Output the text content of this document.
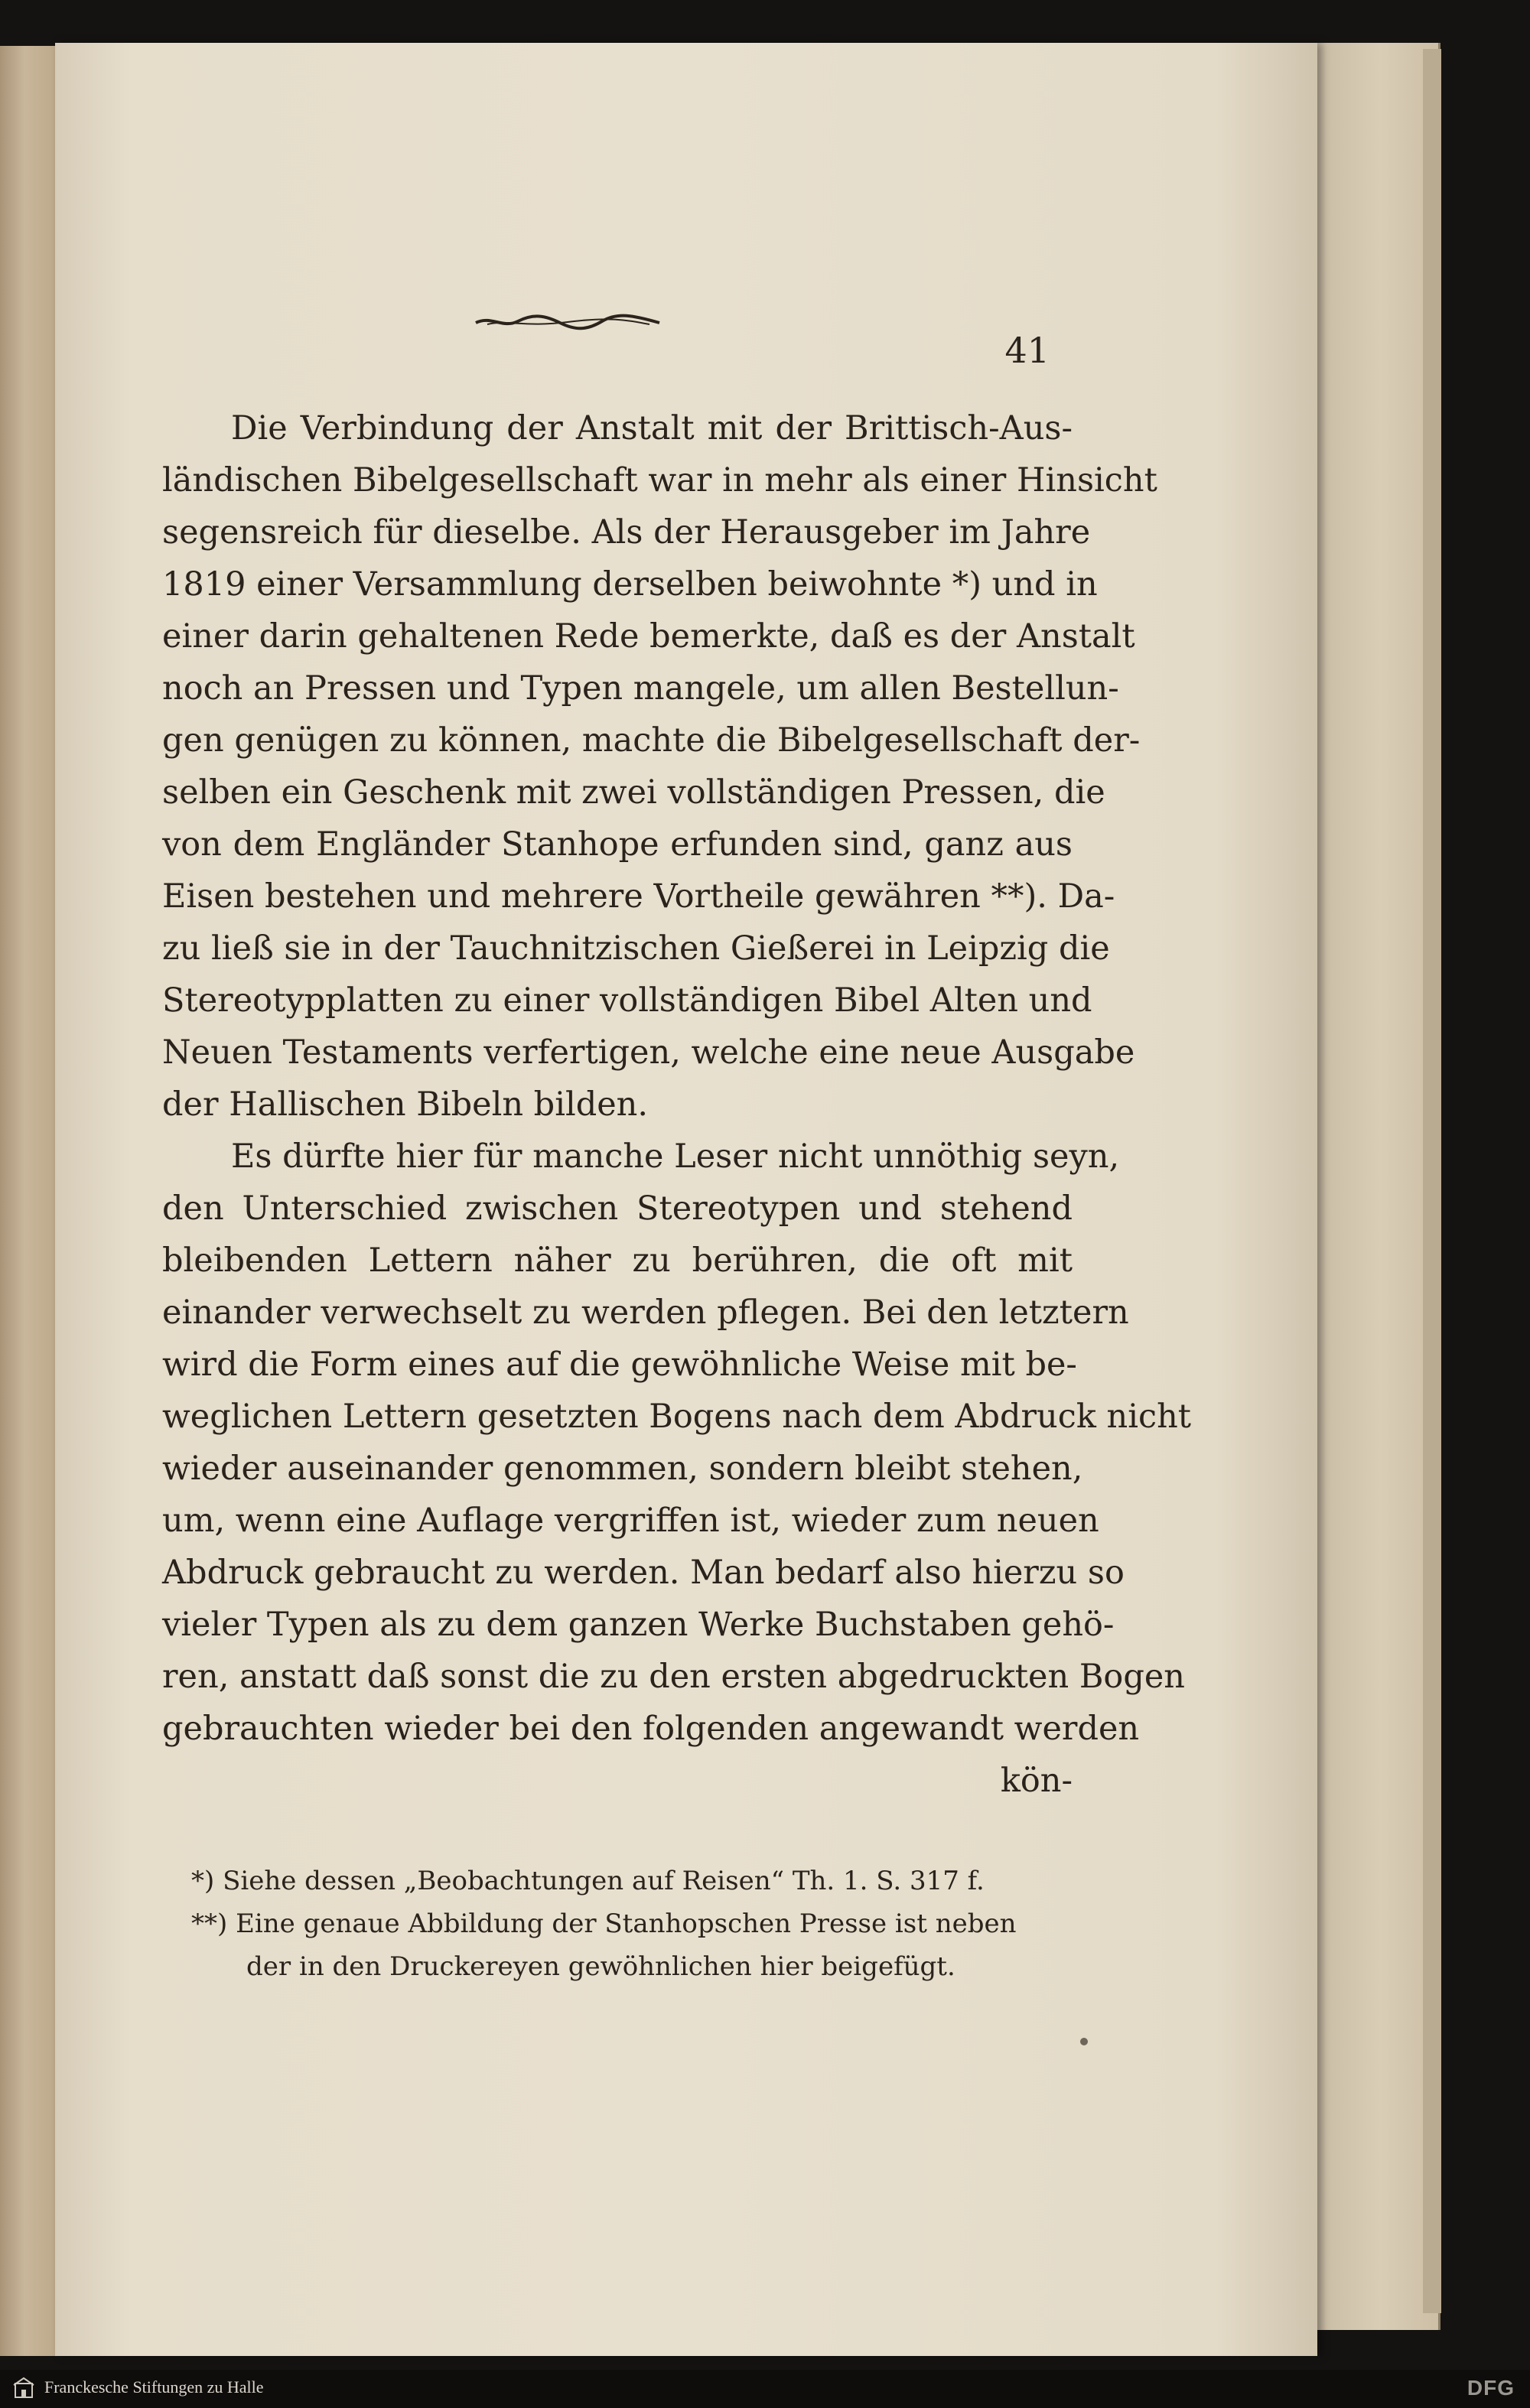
41
Die Verbindung der Anstalt mit der Brittisch-Aus-
ländischen Bibelgesellschaft war in mehr als einer Hinsicht
segensreich für dieselbe. Als der Herausgeber im Jahre
1819 einer Versammlung derselben beiwohnte *) und in
einer darin gehaltenen Rede bemerkte, daß es der Anstalt
noch an Pressen und Typen mangele, um allen Bestellun-
gen genügen zu können, machte die Bibelgesellschaft der-
selben ein Geschenk mit zwei vollständigen Pressen, die
von dem Engländer Stanhope erfunden sind, ganz aus
Eisen bestehen und mehrere Vortheile gewähren **). Da-
zu ließ sie in der Tauchnitzischen Gießerei in Leipzig die
Stereotypplatten zu einer vollständigen Bibel Alten und
Neuen Testaments verfertigen, welche eine neue Ausgabe
der Hallischen Bibeln bilden.
Es dürfte hier für manche Leser nicht unnöthig seyn,
den Unterschied zwischen Stereotypen und stehend
bleibenden Lettern näher zu berühren, die oft mit
einander verwechselt zu werden pflegen. Bei den letztern
wird die Form eines auf die gewöhnliche Weise mit be-
weglichen Lettern gesetzten Bogens nach dem Abdruck nicht
wieder auseinander genommen, sondern bleibt stehen,
um, wenn eine Auflage vergriffen ist, wieder zum neuen
Abdruck gebraucht zu werden. Man bedarf also hierzu so
vieler Typen als zu dem ganzen Werke Buchstaben gehö-
ren, anstatt daß sonst die zu den ersten abgedruckten Bogen
gebrauchten wieder bei den folgenden angewandt werden
kön-
*) Siehe dessen „Beobachtungen auf Reisen“ Th. 1. S. 317 f.
**) Eine genaue Abbildung der Stanhopschen Presse ist neben
der in den Druckereyen gewöhnlichen hier beigefügt.
Franckesche Stiftungen zu Halle	DFG
